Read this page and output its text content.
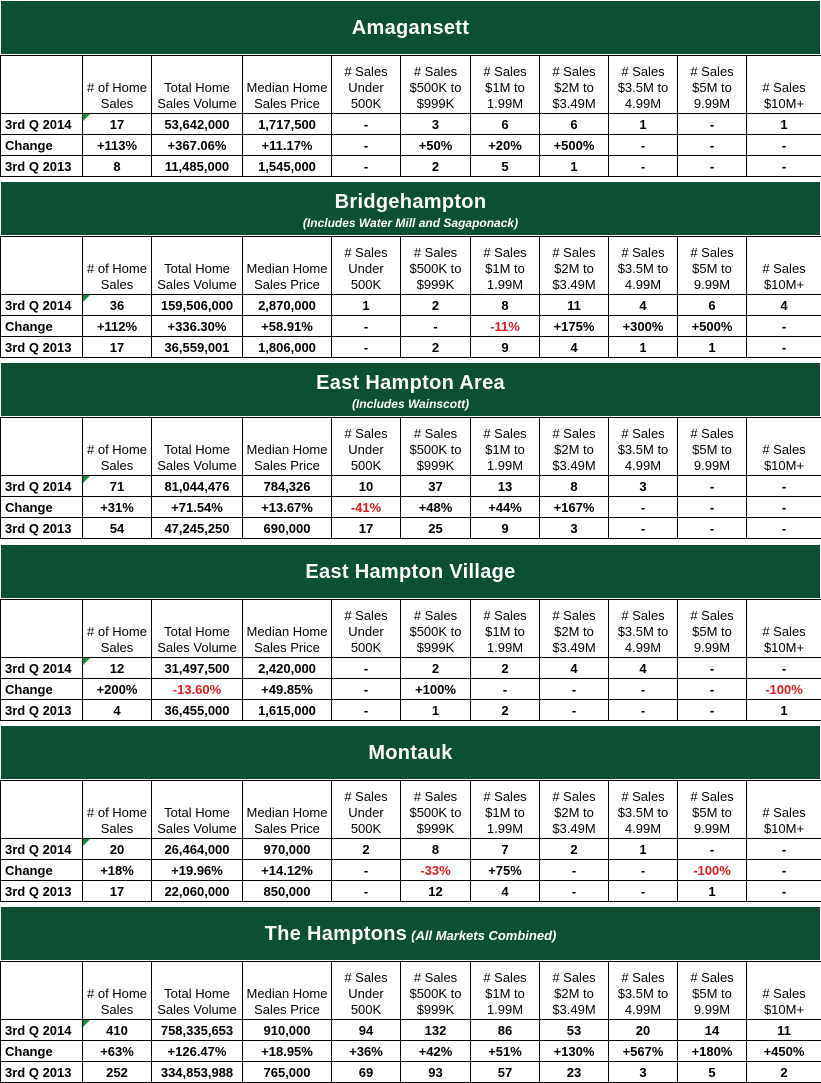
Amagansett
	# of Home Sales	Total Home Sales Volume	Median Home Sales Price	# Sales Under 500K	# Sales $500K to $999K	# Sales $1M to 1.99M	# Sales $2M to $3.49M	# Sales $3.5M to 4.99M	# Sales $5M to 9.99M	# Sales $10M+
3rd Q 2014	17	53,642,000	1,717,500	-	3	6	6	1	-	1
Change	+113%	+367.06%	+11.17%	-	+50%	+20%	+500%	-	-	-
3rd Q 2013	8	11,485,000	1,545,000	-	2	5	1	-	-	-
Bridgehampton
(Includes Water Mill and Sagaponack)
	# of Home Sales	Total Home Sales Volume	Median Home Sales Price	# Sales Under 500K	# Sales $500K to $999K	# Sales $1M to 1.99M	# Sales $2M to $3.49M	# Sales $3.5M to 4.99M	# Sales $5M to 9.99M	# Sales $10M+
3rd Q 2014	36	159,506,000	2,870,000	1	2	8	11	4	6	4
Change	+112%	+336.30%	+58.91%	-	-	-11%	+175%	+300%	+500%	-
3rd Q 2013	17	36,559,001	1,806,000	-	2	9	4	1	1	-
East Hampton Area
(Includes Wainscott)
	# of Home Sales	Total Home Sales Volume	Median Home Sales Price	# Sales Under 500K	# Sales $500K to $999K	# Sales $1M to 1.99M	# Sales $2M to $3.49M	# Sales $3.5M to 4.99M	# Sales $5M to 9.99M	# Sales $10M+
3rd Q 2014	71	81,044,476	784,326	10	37	13	8	3	-	-
Change	+31%	+71.54%	+13.67%	-41%	+48%	+44%	+167%	-	-	-
3rd Q 2013	54	47,245,250	690,000	17	25	9	3	-	-	-
East Hampton Village
	# of Home Sales	Total Home Sales Volume	Median Home Sales Price	# Sales Under 500K	# Sales $500K to $999K	# Sales $1M to 1.99M	# Sales $2M to $3.49M	# Sales $3.5M to 4.99M	# Sales $5M to 9.99M	# Sales $10M+
3rd Q 2014	12	31,497,500	2,420,000	-	2	2	4	4	-	-
Change	+200%	-13.60%	+49.85%	-	+100%	-	-	-	-	-100%
3rd Q 2013	4	36,455,000	1,615,000	-	1	2	-	-	-	1
Montauk
	# of Home Sales	Total Home Sales Volume	Median Home Sales Price	# Sales Under 500K	# Sales $500K to $999K	# Sales $1M to 1.99M	# Sales $2M to $3.49M	# Sales $3.5M to 4.99M	# Sales $5M to 9.99M	# Sales $10M+
3rd Q 2014	20	26,464,000	970,000	2	8	7	2	1	-	-
Change	+18%	+19.96%	+14.12%	-	-33%	+75%	-	-	-100%	-
3rd Q 2013	17	22,060,000	850,000	-	12	4	-	-	1	-
The Hamptons (All Markets Combined)
	# of Home Sales	Total Home Sales Volume	Median Home Sales Price	# Sales Under 500K	# Sales $500K to $999K	# Sales $1M to 1.99M	# Sales $2M to $3.49M	# Sales $3.5M to 4.99M	# Sales $5M to 9.99M	# Sales $10M+
3rd Q 2014	410	758,335,653	910,000	94	132	86	53	20	14	11
Change	+63%	+126.47%	+18.95%	+36%	+42%	+51%	+130%	+567%	+180%	+450%
3rd Q 2013	252	334,853,988	765,000	69	93	57	23	3	5	2
